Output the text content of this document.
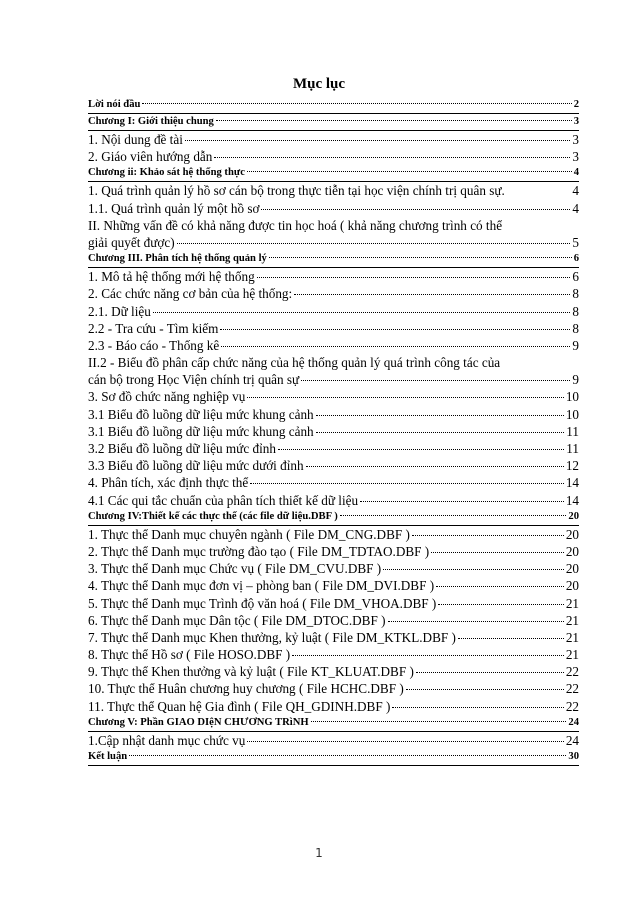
Mục lục
Lời nói đầu	2
Chương I: Giới thiệu chung	3
1. Nội dung đề tài	3
2. Giáo viên hướng dẫn	3
Chương ii: Khảo sát hệ thống thực	4
1. Quá trình quản lý hồ sơ cán bộ trong thực tiễn tại học viện chính trị quân sự.	4
1.1. Quá trình quản lý một hồ sơ	4
II. Những vấn đề có khả năng được tin học hoá ( khả năng chương trình có thể
giải quyết được)	5
Chương III. Phân tích hệ thống quản lý	6
1. Mô tả hệ thống mới hệ thống	6
2. Các chức năng cơ bản của hệ thống:	8
2.1. Dữ liệu	8
2.2 - Tra cứu - Tìm kiếm	8
2.3 - Báo cáo - Thống kê	9
II.2 - Biểu đồ phân cấp chức năng của hệ thống quản lý quá trình công tác của
cán bộ trong Học Viện chính trị quân sự	9
3. Sơ đồ chức năng nghiệp vụ	10
3.1 Biểu đồ luồng dữ liệu mức khung cảnh	10
3.1 Biểu đồ luồng dữ liệu mức khung cảnh	11
3.2 Biểu đồ luồng dữ liệu mức đỉnh	11
3.3 Biểu đồ luồng dữ liệu mức dưới đỉnh	12
4. Phân tích, xác định thực thể	14
4.1 Các qui tắc chuẩn của phân tích thiết kế dữ liệu	14
Chương IV:Thiết kế các thực thể (các file dữ liệu.DBF )	20
1. Thực thể Danh mục chuyên ngành ( File DM_CNG.DBF )	20
2. Thực thể Danh mục trường đào tạo ( File DM_TDTAO.DBF )	20
3. Thực thể Danh mục Chức vụ ( File DM_CVU.DBF )	20
4. Thực thể Danh mục đơn vị – phòng ban ( File DM_DVI.DBF )	20
5. Thực thể Danh mục Trình độ văn hoá ( File DM_VHOA.DBF )	21
6. Thực thể Danh mục Dân tộc ( File DM_DTOC.DBF )	21
7. Thực thể Danh mục Khen thưởng, kỷ luật ( File DM_KTKL.DBF )	21
8. Thực thể Hồ sơ ( File HOSO.DBF )	21
9. Thực thể Khen thưởng và kỷ luật ( File KT_KLUAT.DBF )	22
10. Thực thể Huân chương huy chương ( File HCHC.DBF )	22
11. Thực thể Quan hệ Gia đình ( File QH_GDINH.DBF )	22
Chương V: Phần GIAO DIệN CHƯƠNG TRìNH	24
1.Cập nhật danh mục chức vụ	24
Kết luận	30
1
